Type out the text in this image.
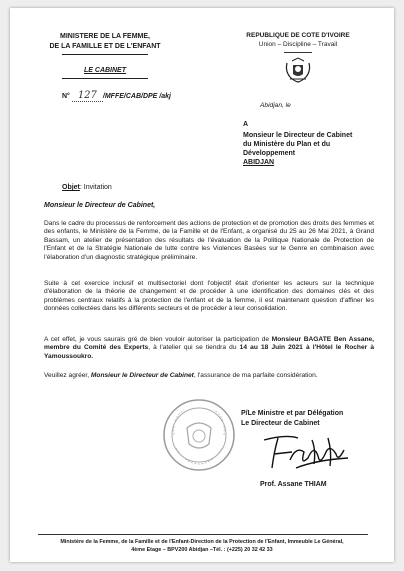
MINISTERE DE LA FEMME,
DE LA FAMILLE ET DE L'ENFANT
LE CABINET
N° 127 /MFFE/CAB/DPE /akj
REPUBLIQUE DE COTE D'IVOIRE
Union – Discipline – Travail
Abidjan, le
A
Monsieur le Directeur de Cabinet
du Ministère du Plan et du
Développement
ABIDJAN
Objet: Invitation
Monsieur le Directeur de Cabinet,
Dans le cadre du processus de renforcement des actions de protection et de promotion des droits des femmes et des enfants, le Ministère de la Femme, de la Famille et de l'Enfant, a organisé du 25 au 26 Mai 2021, à Grand Bassam, un atelier de présentation des résultats de l'évaluation de la Politique Nationale de Protection de l'Enfant et de la Stratégie Nationale de lutte contre les Violences Basées sur le Genre en combinaison avec l'élaboration d'un diagnostic stratégique préliminaire.
Suite à cet exercice inclusif et multisectoriel dont l'objectif était d'orienter les acteurs sur la technique d'élaboration de la théorie de changement et de procéder à une identification des domaines clés et des problèmes centraux relatifs à la protection de l'enfant et de la femme, il est maintenant question d'affiner les données collectées dans les différents secteurs et de procéder à leur consolidation.
A cet effet, je vous saurais gré de bien vouloir autoriser la participation de Monsieur BAGATE Ben Assane, membre du Comité des Experts, à l'atelier qui se tiendra du 14 au 18 Juin 2021 à l'Hôtel le Rocher à Yamoussoukro.
Veuillez agréer, Monsieur le Directeur de Cabinet, l'assurance de ma parfaite considération.
P/Le Ministre et par Délégation
Le Directeur de Cabinet
Prof. Assane THIAM
Ministère de la Femme, de la Famille et de l'Enfant-Direction de la Protection de l'Enfant, Immeuble Le Général,
4ème Etage – BPV200 Abidjan –Tél. : (+225) 20 32 42 33
